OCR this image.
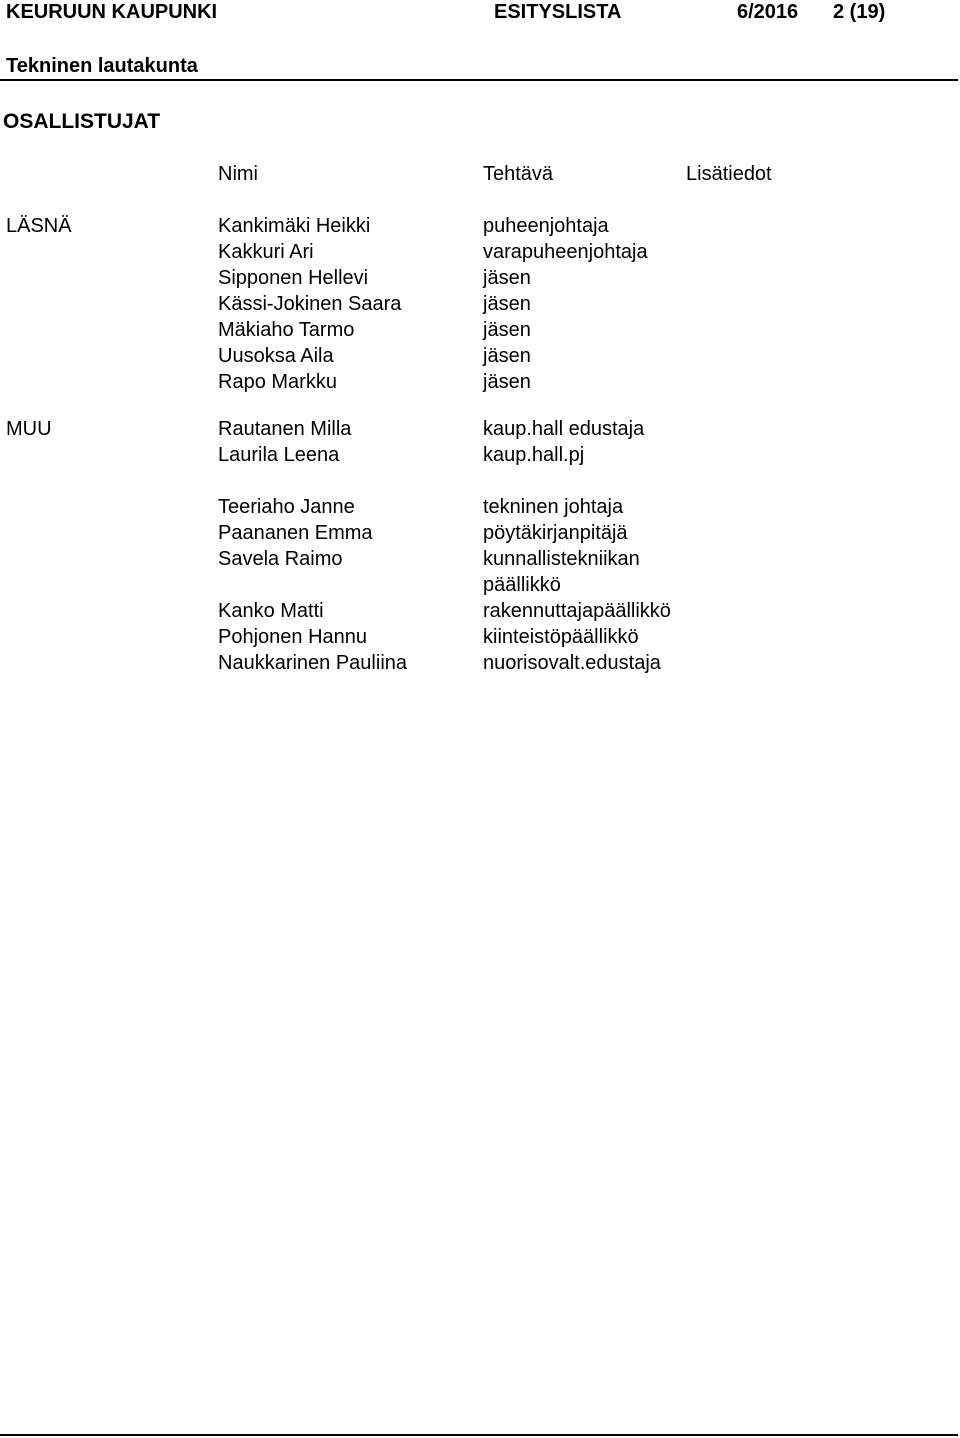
KEURUUN KAUPUNKI	ESITYSLISTA	6/2016 2 (19)
Tekninen lautakunta
OSALLISTUJAT
Nimi	Tehtävä	Lisätiedot
LÄSNÄ	Kankimäki Heikki	puheenjohtaja
Kakkuri Ari	varapuheenjohtaja
Sipponen Hellevi	jäsen
Kässi-Jokinen Saara	jäsen
Mäkiaho Tarmo	jäsen
Uusoksa Aila	jäsen
Rapo Markku	jäsen
MUU	Rautanen Milla	kaup.hall edustaja
Laurila Leena	kaup.hall.pj
Teeriaho Janne	tekninen johtaja
Paananen Emma	pöytäkirjanpitäjä
Savela Raimo	kunnallistekniikan
päällikkö
Kanko Matti	rakennuttajapäällikkö
Pohjonen Hannu	kiinteistöpäällikkö
Naukkarinen Pauliina	nuorisovalt.edustaja
